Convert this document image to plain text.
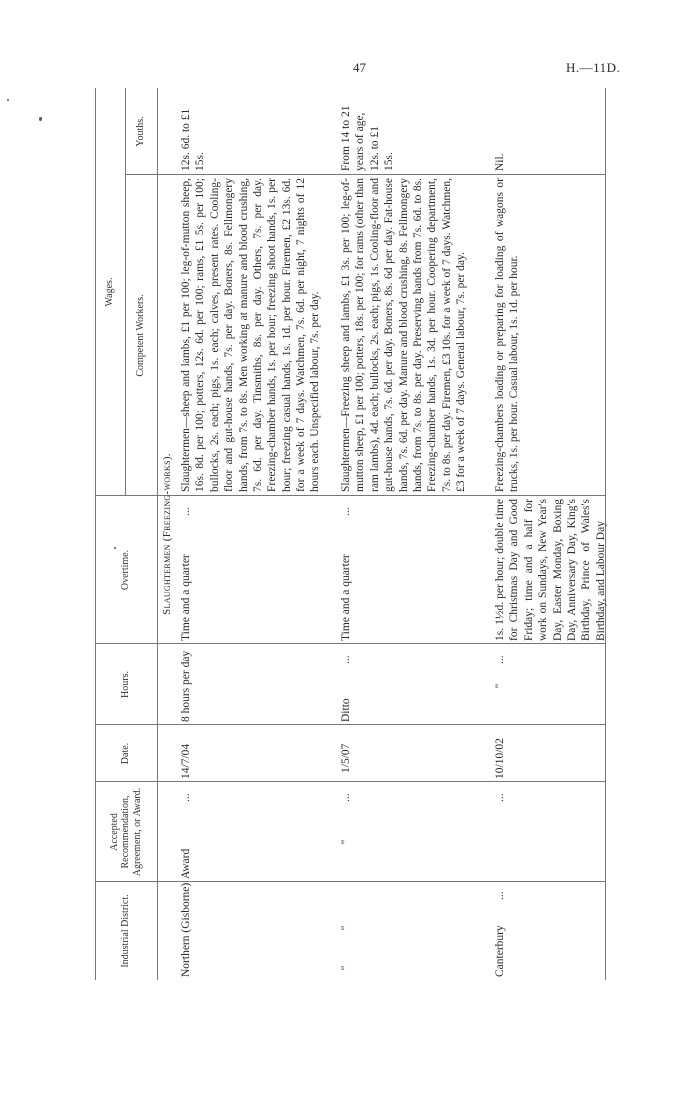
47	H.—11D.
Industrial District.
Accepted
Recommendation,
Agreement, or Award.
Date.
Hours.
Overtime.
Wages.
Competent Workers.
Youths.
Slaughtermen (Freezing-works).
Northern (Gisborne)
Award
...
14/7/04
8 hours per day
Time and a quarter
...
Slaughtermen—sheep and lambs, £1 per 100; leg-of-mutton sheep, 16s. 8d. per 100; potters, 12s. 6d. per 100; rams, £1 5s. per 100; bullocks, 2s. each; pigs, 1s. each; calves, present rates. Cooling-floor and gut-house hands, 7s. per day. Boners, 8s. Fellmongery hands, from 7s. to 8s. Men working at manure and blood crushing, 7s. 6d. per day. Tinsmiths, 8s. per day. Others, 7s. per day. Freezing-chamber hands, 1s. per hour; freezing shoot hands, 1s. per hour; freezing casual hands, 1s. 1d. per hour. Firemen, £2 13s. 6d. for a week of 7 days. Watchmen, 7s. 6d. per night, 7 nights of 12 hours each. Unspecified labour, 7s. per day.
12s. 6d. to £1 15s.
"
"
"
...
1/5/07
Ditto
...
Time and a quarter
...
Slaughtermen—Freezing sheep and lambs, £1 3s. per 100; leg-of-mutton sheep, £1 per 100; potters, 18s. per 100; for rams (other than ram lambs), 4d. each; bullocks, 2s. each; pigs, 1s. Cooling-floor and gut-house hands, 7s. 6d. per day. Boners, 8s. 6d per day. Fat-house hands, 7s. 6d. per day. Manure and blood crushing, 8s. Fellmongery hands, from 7s. to 8s. per day. Preserving hands from 7s. 6d. to 8s. Freezing-chamber hands, 1s. 3d. per hour. Coopering department, 7s. to 8s. per day. Firemen, £3 10s. for a week of 7 days. Watchmen, £3 for a week of 7 days. General labour, 7s. per day.
From 14 to 21 years of age, 12s. to £1 15s.
Canterbury
...
...
10/10/02
"
...
1s. 1½d. per hour; double time for Christmas Day and Good Friday; time and a half for work on Sundays, New Year's Day, Easter Monday, Boxing Day, Anniversary Day, King's Birthday, Prince of Wales's Birthday, and Labour Day
Freezing-chambers loading or preparing for loading of wagons or trucks, 1s. per hour. Casual labour, 1s. 1d. per hour.
Nil.
